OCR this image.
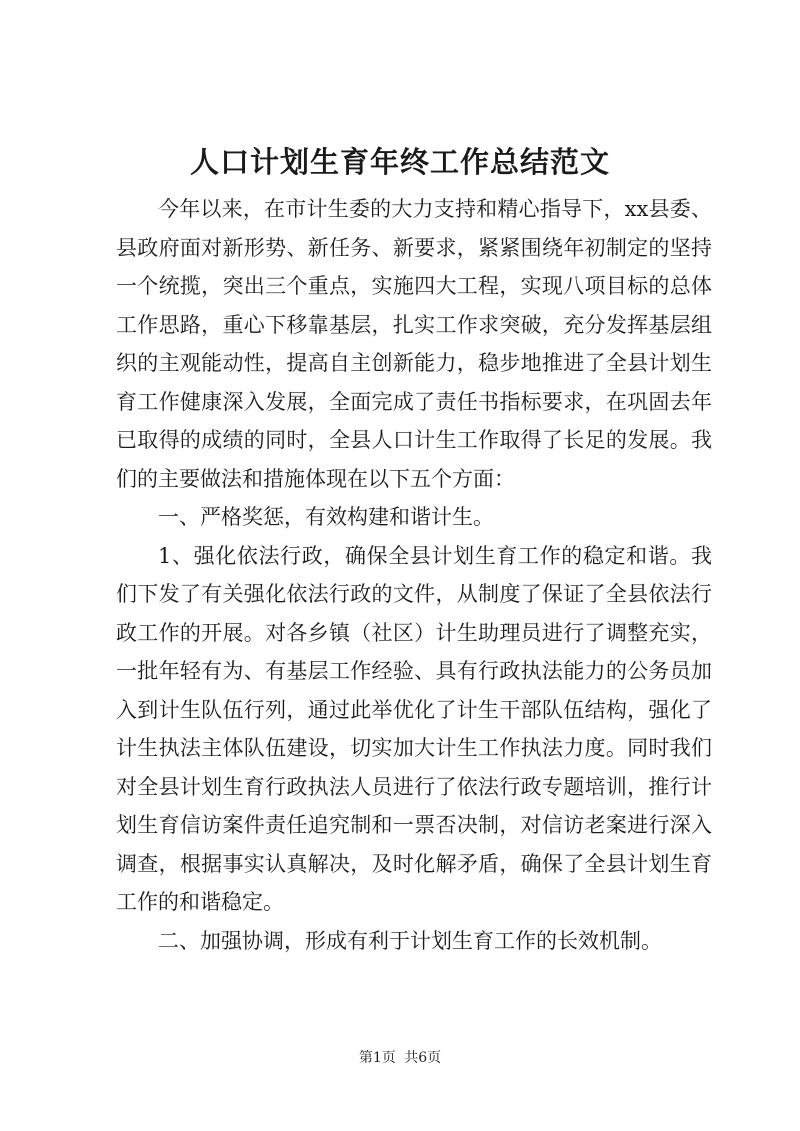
人口计划生育年终工作总结范文
今年以来，在市计生委的大力支持和精心指导下，xx县委、
县政府面对新形势、新任务、新要求，紧紧围绕年初制定的坚持
一个统揽，突出三个重点，实施四大工程，实现八项目标的总体
工作思路，重心下移靠基层，扎实工作求突破，充分发挥基层组
织的主观能动性，提高自主创新能力，稳步地推进了全县计划生
育工作健康深入发展，全面完成了责任书指标要求，在巩固去年
已取得的成绩的同时，全县人口计生工作取得了长足的发展。我
们的主要做法和措施体现在以下五个方面：
一、严格奖惩，有效构建和谐计生。
1、强化依法行政，确保全县计划生育工作的稳定和谐。我
们下发了有关强化依法行政的文件，从制度了保证了全县依法行
政工作的开展。对各乡镇（社区）计生助理员进行了调整充实，
一批年轻有为、有基层工作经验、具有行政执法能力的公务员加
入到计生队伍行列，通过此举优化了计生干部队伍结构，强化了
计生执法主体队伍建设，切实加大计生工作执法力度。同时我们
对全县计划生育行政执法人员进行了依法行政专题培训，推行计
划生育信访案件责任追究制和一票否决制，对信访老案进行深入
调查，根据事实认真解决，及时化解矛盾，确保了全县计划生育
工作的和谐稳定。
二、加强协调，形成有利于计划生育工作的长效机制。
第1页 共6页
